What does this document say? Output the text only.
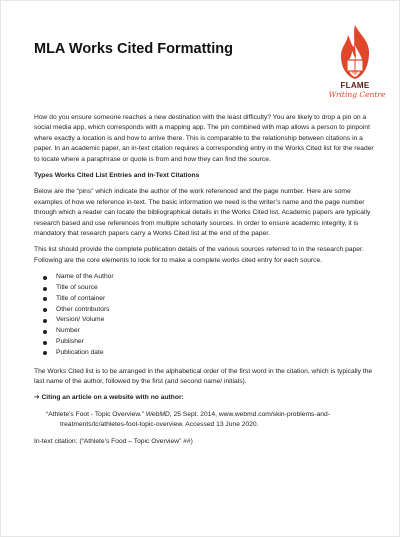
MLA Works Cited Formatting
FLAME
Writing Centre

How do you ensure someone reaches a new destination with the least difficulty? You are likely to drop a pin on a social media app, which corresponds with a mapping app. The pin combined with map allows a person to pinpoint where exactly a location is and how to arrive there. This is comparable to the relationship between citations in a paper. In an academic paper, an in-text citation requires a corresponding entry in the Works Cited list for the reader to locate where a paraphrase or quote is from and how they can find the source.

Types Works Cited List Entries and In-Text Citations

Below are the “pins” which indicate the author of the work referenced and the page number. Here are some examples of how we reference in-text. The basic information we need is the writer’s name and the page number through which a reader can locate the bibliographical details in the Works Cited list. Academic papers are typically research based and use references from multiple scholarly sources. In order to ensure academic integrity, it is mandatory that research papers carry a Works Cited list at the end of the paper.

This list should provide the complete publication details of the various sources referred to in the research paper. Following are the core elements to look for to make a complete works cited entry for each source.

Name of the Author
Title of source
Title of container
Other contributors
Version/ Volume
Number
Publisher
Publication date

The Works Cited list is to be arranged in the alphabetical order of the first word in the citation, which is typically the last name of the author, followed by the first (and second name/ initials).

➔ Citing an article on a website with no author:

“Athlete’s Foot - Topic Overview.” WebMD, 25 Sept. 2014, www.webmd.com/skin-problems-and-treatments/tc/athletes-foot-topic-overview. Accessed 13 June 2020.

In-text citation: (“Athlete’s Food – Topic Overview” ##)
